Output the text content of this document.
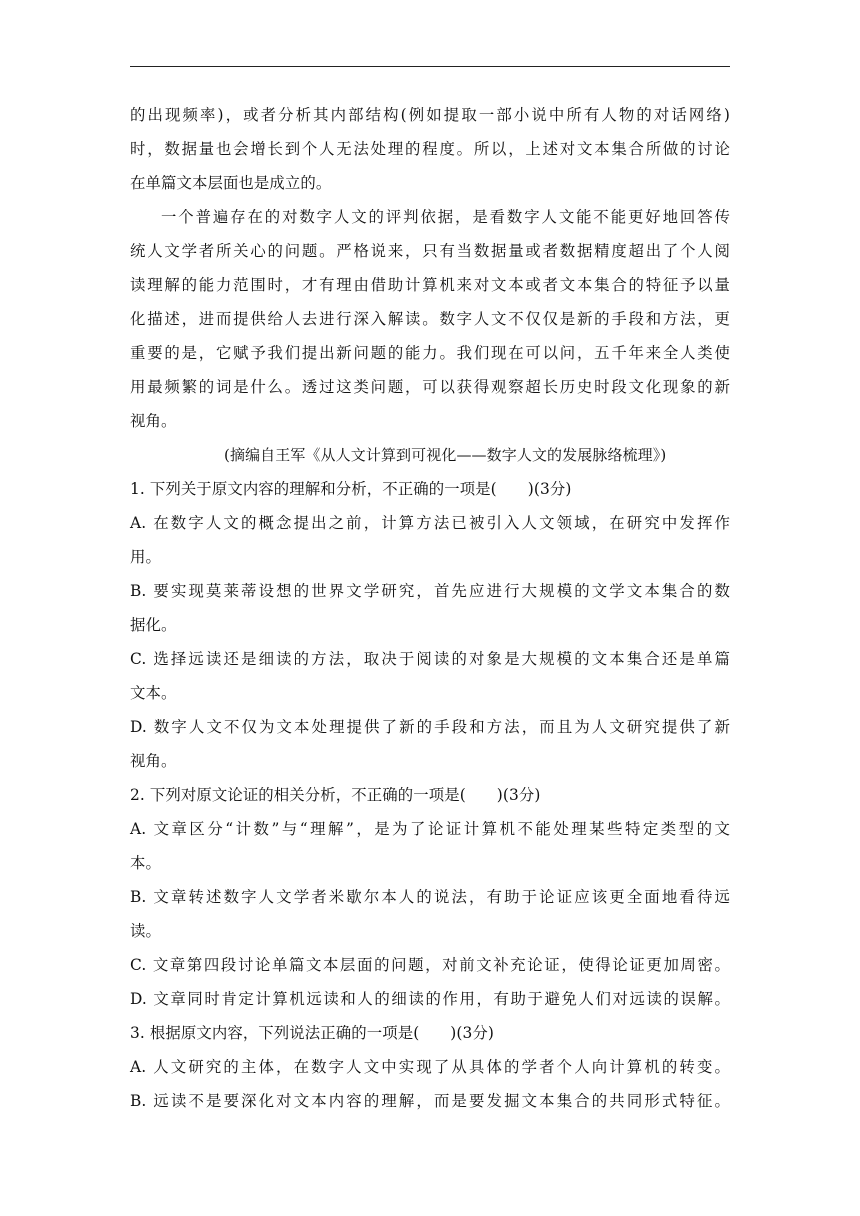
的出现频率)，或者分析其内部结构(例如提取一部小说中所有人物的对话网络)
时，数据量也会增长到个人无法处理的程度。所以，上述对文本集合所做的讨论
在单篇文本层面也是成立的。
一个普遍存在的对数字人文的评判依据，是看数字人文能不能更好地回答传
统人文学者所关心的问题。严格说来，只有当数据量或者数据精度超出了个人阅
读理解的能力范围时，才有理由借助计算机来对文本或者文本集合的特征予以量
化描述，进而提供给人去进行深入解读。数字人文不仅仅是新的手段和方法，更
重要的是，它赋予我们提出新问题的能力。我们现在可以问，五千年来全人类使
用最频繁的词是什么。透过这类问题，可以获得观察超长历史时段文化现象的新
视角。
(摘编自王军《从人文计算到可视化——数字人文的发展脉络梳理》)
1. 下列关于原文内容的理解和分析，不正确的一项是(　　)(3分)
A. 在数字人文的概念提出之前，计算方法已被引入人文领域，在研究中发挥作
用。
B. 要实现莫莱蒂设想的世界文学研究，首先应进行大规模的文学文本集合的数
据化。
C. 选择远读还是细读的方法，取决于阅读的对象是大规模的文本集合还是单篇
文本。
D. 数字人文不仅为文本处理提供了新的手段和方法，而且为人文研究提供了新
视角。
2. 下列对原文论证的相关分析，不正确的一项是(　　)(3分)
A. 文章区分“计数”与“理解”，是为了论证计算机不能处理某些特定类型的文
本。
B. 文章转述数字人文学者米歇尔本人的说法，有助于论证应该更全面地看待远
读。
C. 文章第四段讨论单篇文本层面的问题，对前文补充论证，使得论证更加周密。
D. 文章同时肯定计算机远读和人的细读的作用，有助于避免人们对远读的误解。
3. 根据原文内容，下列说法正确的一项是(　　)(3分)
A. 人文研究的主体，在数字人文中实现了从具体的学者个人向计算机的转变。
B. 远读不是要深化对文本内容的理解，而是要发掘文本集合的共同形式特征。
